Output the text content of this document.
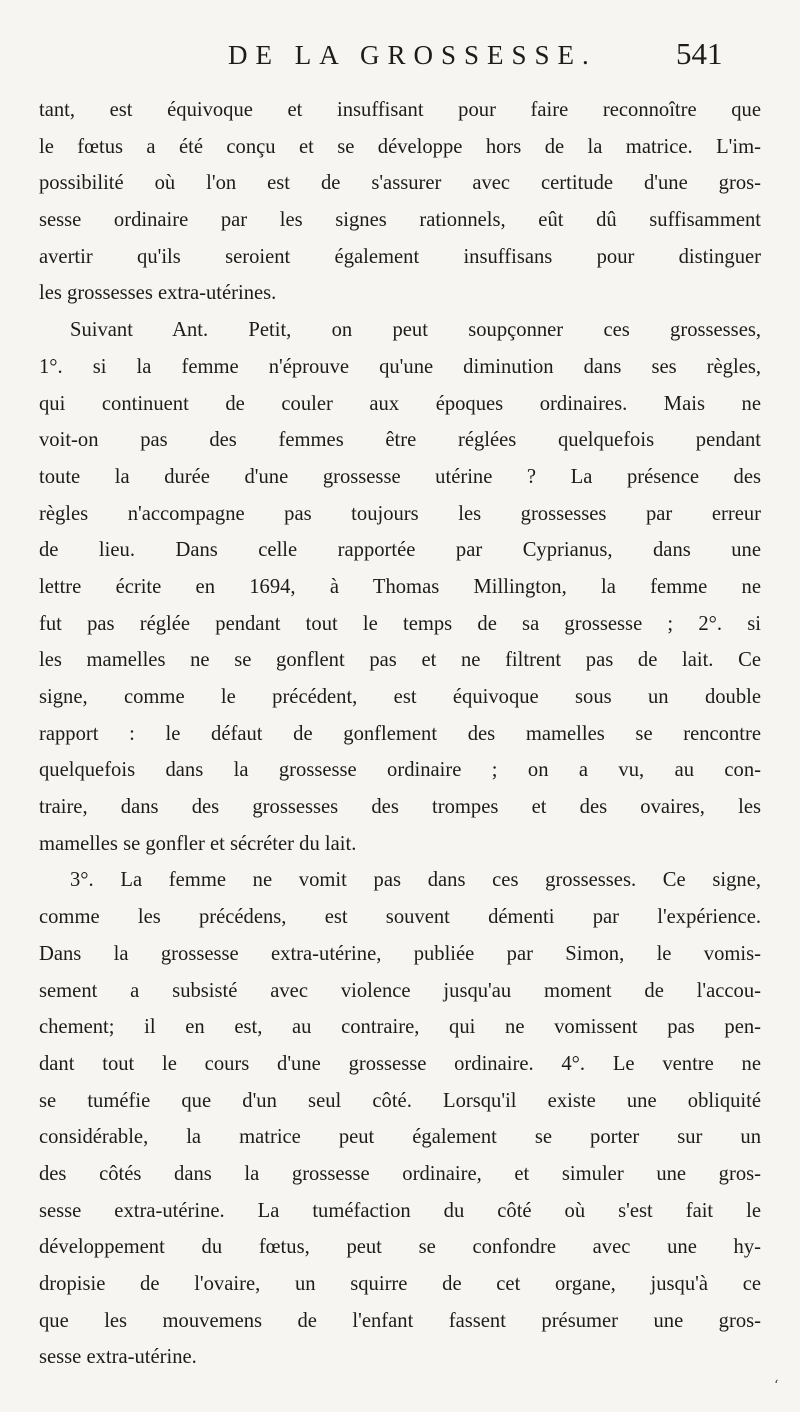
DE LA GROSSESSE.	541
tant, est équivoque et insuffisant pour faire reconnoître que
le fœtus a été conçu et se développe hors de la matrice. L'im-
possibilité où l'on est de s'assurer avec certitude d'une gros-
sesse ordinaire par les signes rationnels, eût dû suffisamment
avertir qu'ils seroient également insuffisans pour distinguer
les grossesses extra-utérines.
Suivant Ant. Petit, on peut soupçonner ces grossesses,
1°. si la femme n'éprouve qu'une diminution dans ses règles,
qui continuent de couler aux époques ordinaires. Mais ne
voit-on pas des femmes être réglées quelquefois pendant
toute la durée d'une grossesse utérine ? La présence des
règles n'accompagne pas toujours les grossesses par erreur
de lieu. Dans celle rapportée par Cyprianus, dans une
lettre écrite en 1694, à Thomas Millington, la femme ne
fut pas réglée pendant tout le temps de sa grossesse ; 2°. si
les mamelles ne se gonflent pas et ne filtrent pas de lait. Ce
signe, comme le précédent, est équivoque sous un double
rapport : le défaut de gonflement des mamelles se rencontre
quelquefois dans la grossesse ordinaire ; on a vu, au con-
traire, dans des grossesses des trompes et des ovaires, les
mamelles se gonfler et sécréter du lait.
3°. La femme ne vomit pas dans ces grossesses. Ce signe,
comme les précédens, est souvent démenti par l'expérience.
Dans la grossesse extra-utérine, publiée par Simon, le vomis-
sement a subsisté avec violence jusqu'au moment de l'accou-
chement; il en est, au contraire, qui ne vomissent pas pen-
dant tout le cours d'une grossesse ordinaire. 4°. Le ventre ne
se tuméfie que d'un seul côté. Lorsqu'il existe une obliquité
considérable, la matrice peut également se porter sur un
des côtés dans la grossesse ordinaire, et simuler une gros-
sesse extra-utérine. La tuméfaction du côté où s'est fait le
développement du fœtus, peut se confondre avec une hy-
dropisie de l'ovaire, un squirre de cet organe, jusqu'à ce
que les mouvemens de l'enfant fassent présumer une gros-
sesse extra-utérine.
‘
